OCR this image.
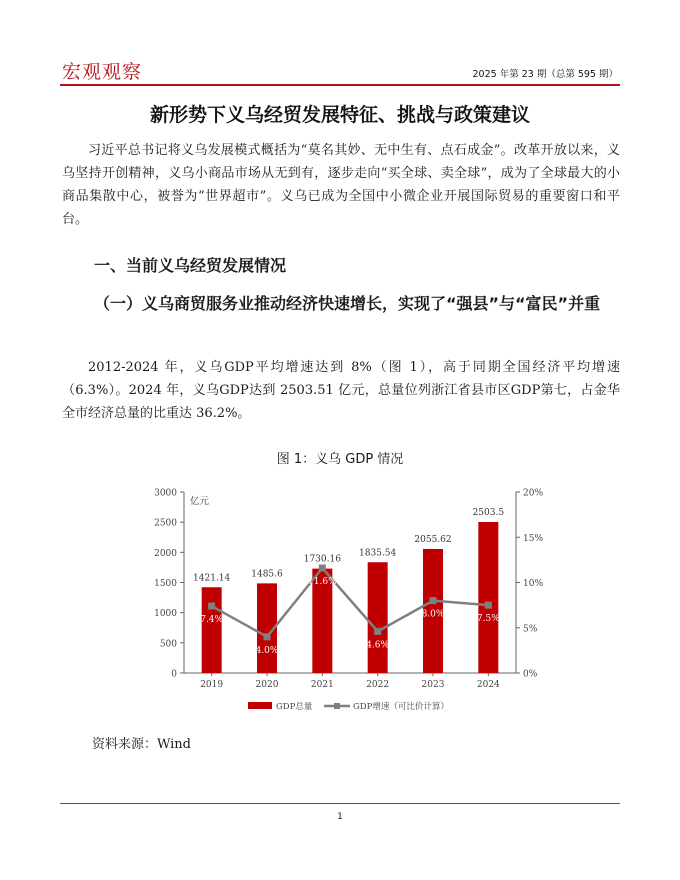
宏观观察	2025 年第 23 期（总第 595 期）
新形势下义乌经贸发展特征、挑战与政策建议

习近平总书记将义乌发展模式概括为“莫名其妙、无中生有、点石成金”。改革开放以来，义乌坚持开创精神，义乌小商品市场从无到有，逐步走向“买全球、卖全球”，成为了全球最大的小商品集散中心，被誉为“世界超市”。义乌已成为全国中小微企业开展国际贸易的重要窗口和平台。

一、当前义乌经贸发展情况
（一）义乌商贸服务业推动经济快速增长，实现了“强县”与“富民”并重

2012-2024 年，义乌GDP平均增速达到 8%（图 1），高于同期全国经济平均增速（6.3%）。2024 年，义乌GDP达到 2503.51 亿元，总量位列浙江省县市区GDP第七，占金华全市经济总量的比重达 36.2%。

图 1：义乌 GDP 情况
0
500
1000
1500
2000
2500
3000
0%
5%
10%
15%
20%
亿元
1421.14
2019
1485.6
2020
1730.16
2021
1835.54
2022
2055.62
2023
2503.5
2024
7.4%
4.0%
11.6%
4.6%
8.0%	7.5%
GDP总量	GDP增速（可比价计算）
资料来源：Wind
1
